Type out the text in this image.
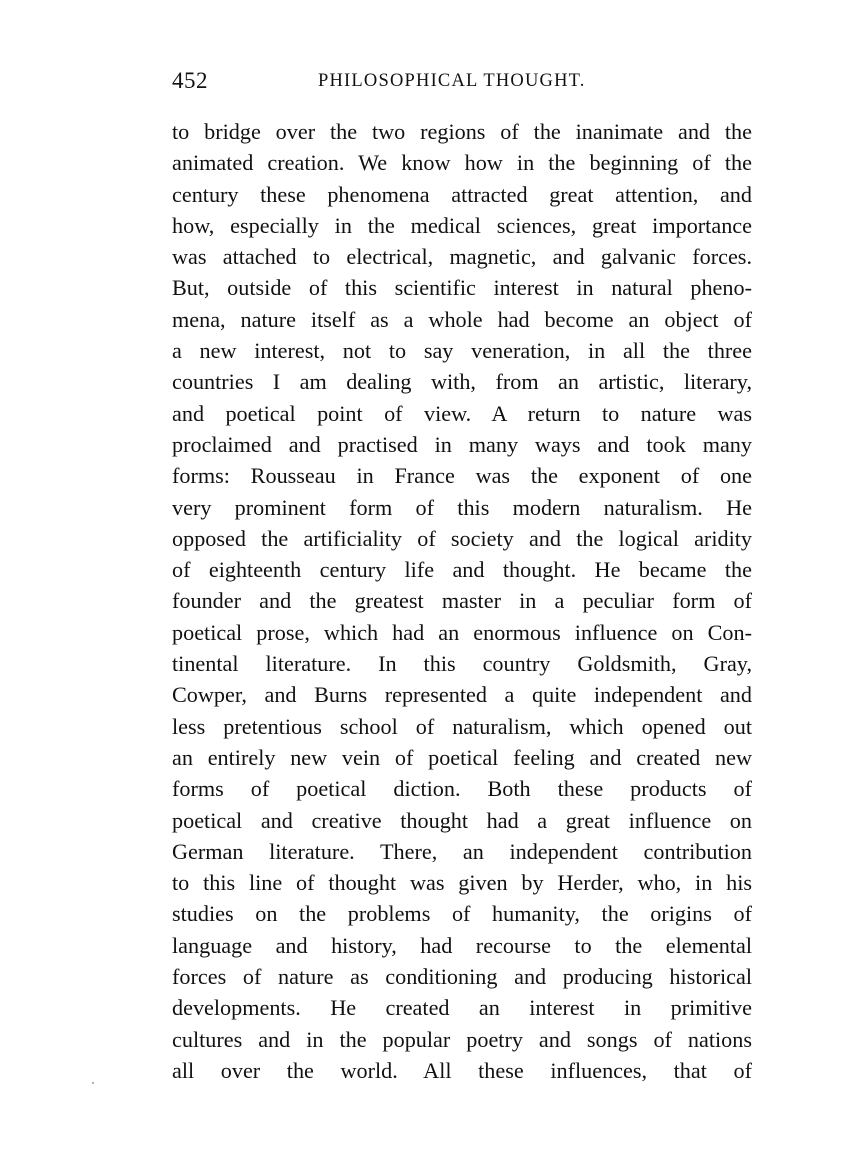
452	PHILOSOPHICAL THOUGHT.
to bridge over the two regions of the inanimate and the
animated creation. We know how in the beginning of the
century these phenomena attracted great attention, and
how, especially in the medical sciences, great importance
was attached to electrical, magnetic, and galvanic forces.
But, outside of this scientific interest in natural pheno-
mena, nature itself as a whole had become an object of
a new interest, not to say veneration, in all the three
countries I am dealing with, from an artistic, literary,
and poetical point of view. A return to nature was
proclaimed and practised in many ways and took many
forms: Rousseau in France was the exponent of one
very prominent form of this modern naturalism. He
opposed the artificiality of society and the logical aridity
of eighteenth century life and thought. He became the
founder and the greatest master in a peculiar form of
poetical prose, which had an enormous influence on Con-
tinental literature. In this country Goldsmith, Gray,
Cowper, and Burns represented a quite independent and
less pretentious school of naturalism, which opened out
an entirely new vein of poetical feeling and created new
forms of poetical diction. Both these products of
poetical and creative thought had a great influence on
German literature. There, an independent contribution
to this line of thought was given by Herder, who, in his
studies on the problems of humanity, the origins of
language and history, had recourse to the elemental
forces of nature as conditioning and producing historical
developments. He created an interest in primitive
cultures and in the popular poetry and songs of nations
all over the world. All these influences, that of
